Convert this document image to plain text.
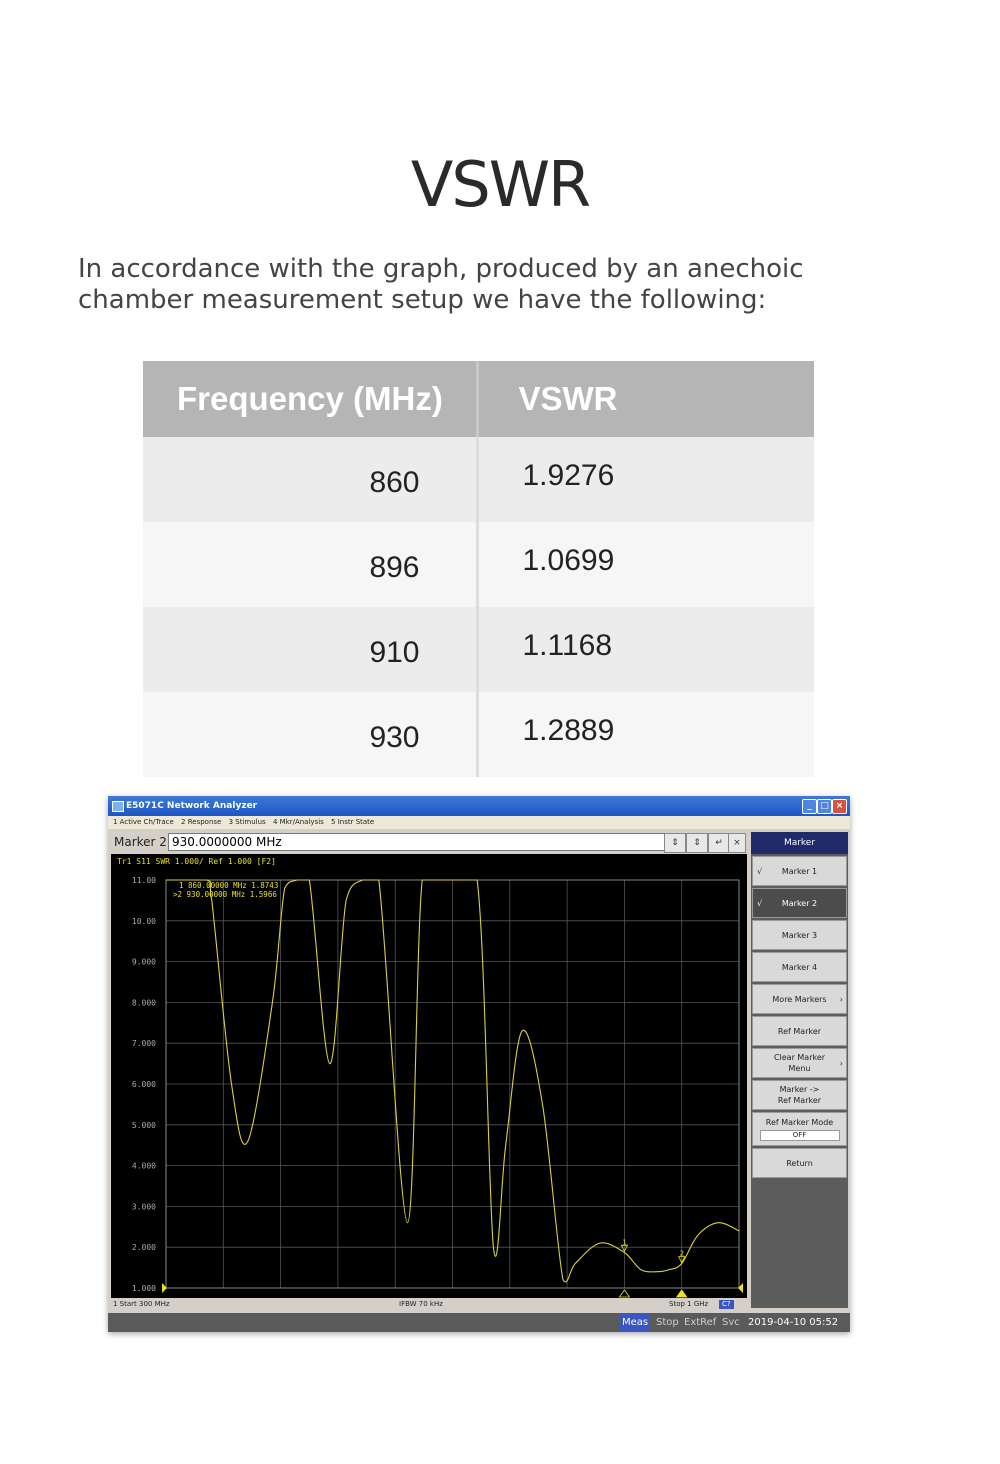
VSWR
In accordance with the graph, produced by an anechoic
chamber measurement setup we have the following:
Frequency (MHz)	VSWR
860	1.9276
896	1.0699
910	1.1168
930	1.2889
E5071C Network Analyzer	_ □ ×
1 Active Ch/Trace 2 Response 3 Stimulus 4 Mkr/Analysis 5 Instr State
Marker 2
930.0000000 MHz	⇕	⇕	↵	×
Tr1 S11 SWR 1.000/ Ref 1.000 [F2]
11.00
10.00
9.000
8.000
7.000
6.000
5.000
4.000
3.000
2.000
1.000
1
2
1 860.00000 MHz 1.8743
>2 930.00000 MHz 1.5966
1 Start 300 MHz	IFBW 70 kHz	Stop 1 GHz	C?
Marker
√ Marker 1
√ Marker 2
Marker 3
Marker 4
More Markers ›
Ref Marker
Clear Marker
Menu
›
Marker ->
Ref Marker
Ref Marker Mode
OFF
Return
Meas Stop ExtRef Svc 2019-04-10 05:52
